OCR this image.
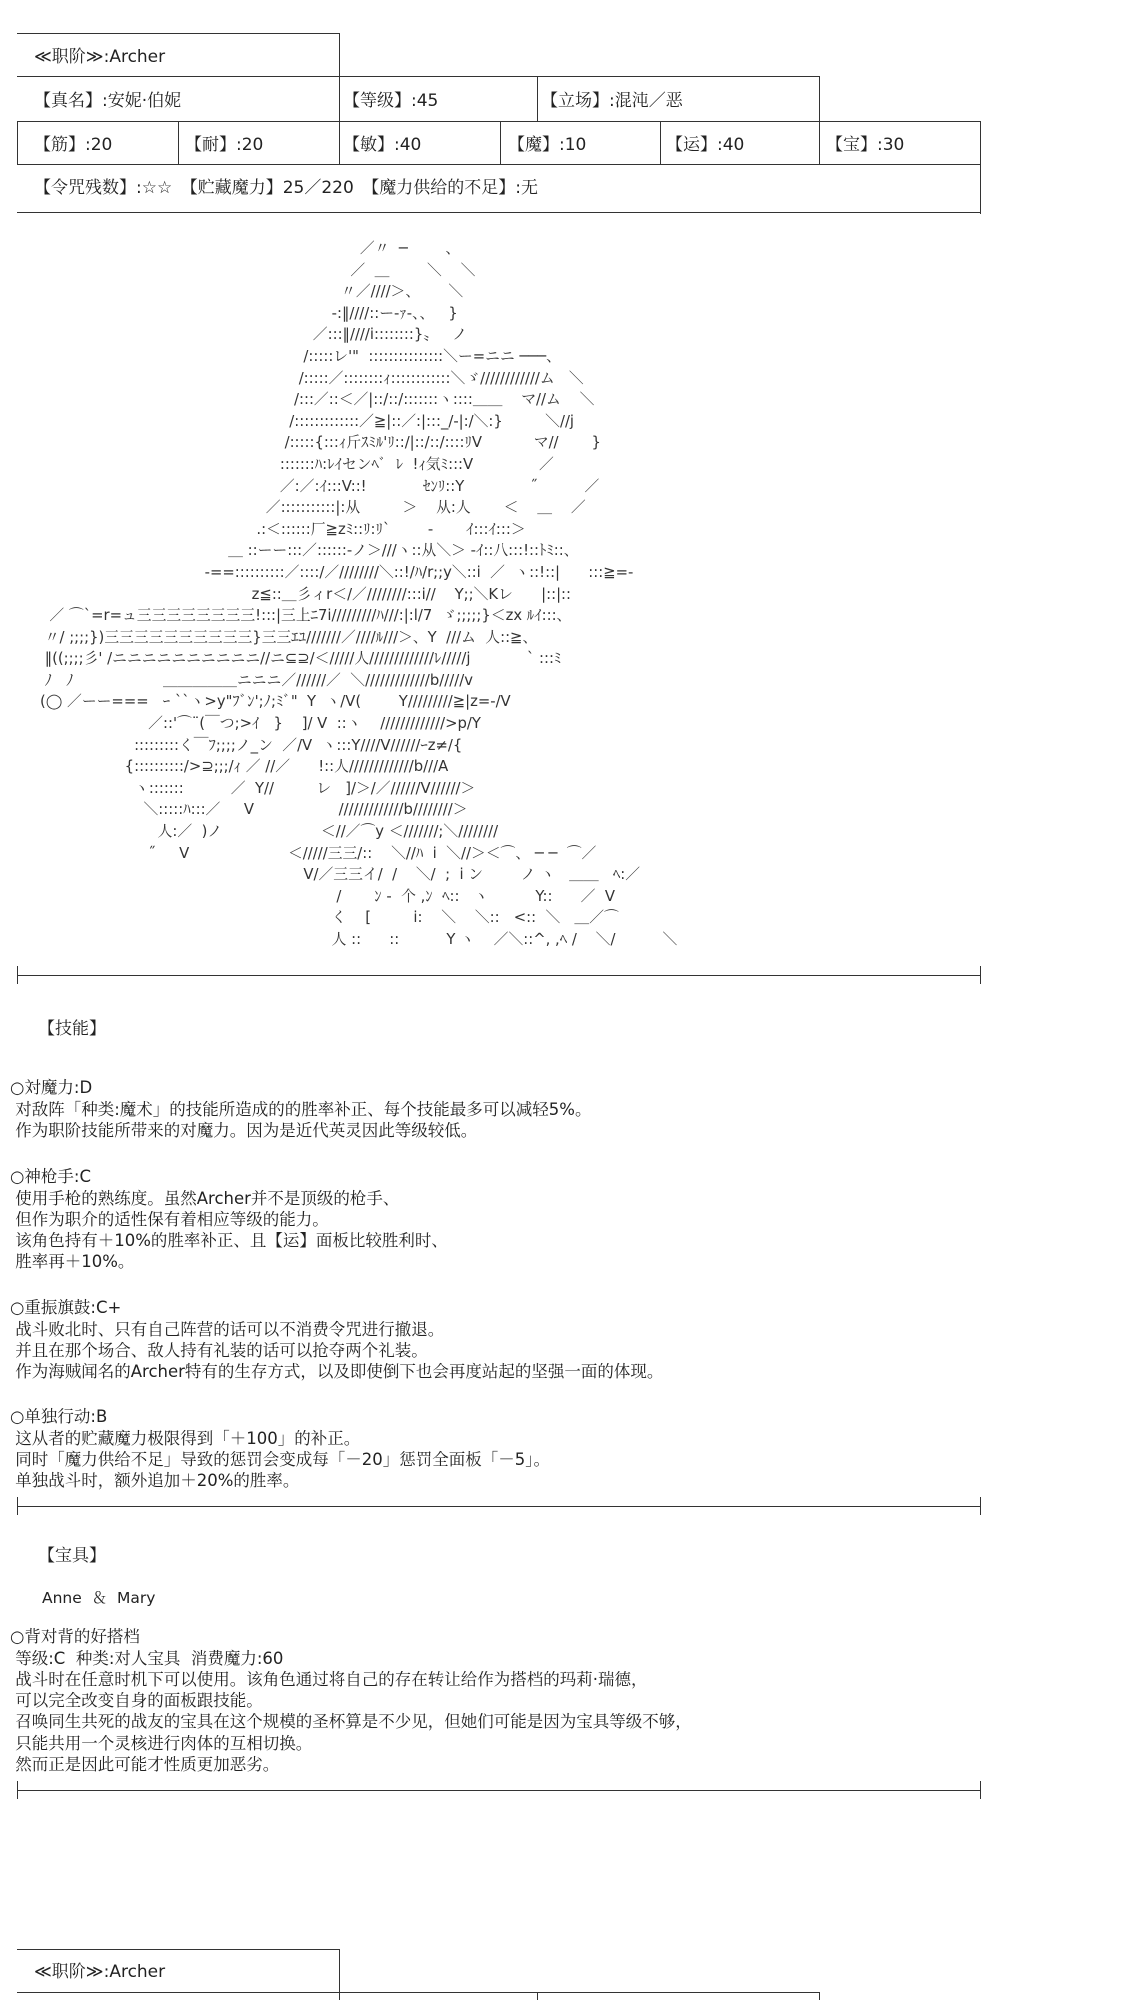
≪职阶≫:Archer
【真名】:安妮·伯妮	【等级】:45	【立场】:混沌／恶
【筋】:20	【耐】:20	【敏】:40	【魔】:10	【运】:40	【宝】:30
【令咒残数】:☆☆　【贮藏魔力】25／220　【魔力供给的不足】:无
／〃  ─        、
／  ＿        ＼    ＼
〃／////＞、      ＼
-:‖////::ー-ｧ-、、   }
／:::‖////i::::::::}〟   ノ
/:::::レ'"  :::::::::::::::＼ー=ニニ ───、
/:::::／::::::::ｨ::::::::::::＼ゞ////////////ム   ＼
/:::／::＜／|::/::/:::::::ヽ::::＿＿    マ//ム    ＼
/:::::::::::::／≧|::／:|:::_/-|:/＼:}         ＼//j
/:::::{:::ｨ斤ｽﾐﾙ'ﾘ::/|::/::/::::ﾘV           マ//       }
:::::::ﾊ:ﾚｲセンﾍﾞ  ﾚ  !ｨ気ﾐ:::V              ／
／:／:ｲ:::V::!            ｾﾝﾘ::Y              ˝          ／
／:::::::::::|:从         ＞    从:人       ＜    ＿    ／
.:＜::::::厂≧zﾐ::ﾘ:ﾘ`        -       ｲ:::ｲ:::＞
＿ ::ーー:::／::::::-ノ＞///ヽ::从＼＞ ‐ｲ::八:::!::ﾄﾐ::、
-==::::::::::／::::/／////////＼::!/ﾊ/r;;y＼::i  ／  ヽ::!::|      :::≧=-
z≦::＿彡ィr＜/／////////:::i//    Y;;＼Kレ      |::|::
／ ⌒`=r=ュ三三三三三三三三!:::|三上ﾆ7i/////////ﾊ///:|:l/7  ゞ;;;;;}＜zx ﾙｲ:::、
〃/ ;;;;})三三三三三三三三三三}三三ｴﾕ///////／////ﾙ///＞、Y  ///ム  人::≧、
‖((;;;;彡' /ニニニニニニニニニニ//ニ⊆⊇/＜/////人/////////////ﾚ/////j            ` :::ﾐ
ﾉ   ﾉ                   ＿＿＿＿＿ニニニ／//////／  ＼/////////////b/////v
(◯ ／ーー===   ｰ ``ヽ>y"ﾌﾞﾝ';ﾉ;ﾐﾞ"  Y  ヽ/V(        Y/////////≧|z=-/V
／::'⌒¨(￣つ;>ｲ   }    ]/ V  ::ヽ    /////////////>p/Y
:::::::::く￣ﾌ;;;;ノ_ン  ／/V  ヽ:::Y////V//////ｰz≠/{
{::::::::::/>⊇;;;/ｨ ／ //／      !::人/////////////b///A
ヽ:::::::          ／  Y//         レ   ]/＞/／//////V//////＞
＼:::::ﾊ:::／     V                  /////////////b////////＞
人:／  )ノ                     ＜//／⌒y ＜///////;＼////////
˝     V                     ＜/////三三/::    ＼//ﾊ  i  ＼//＞＜⌒、 ─ ─  ⌒／
V/／三三イ/  /    ＼/  ;  i ン        ノ ヽ   ＿＿   ﾍ:／
/       ﾝ -  个 ,ﾝ  ﾍ::   ヽ          Y::      ／  V
く    [         i:    ＼    ＼::   <::  ＼   ＿／⌒
人 ::      ::          Y ヽ    ／＼::^, ,ﾍ /    ＼/          ＼
【技能】

○対魔力:D
对敌阵「种类:魔术」的技能所造成的的胜率补正、每个技能最多可以减轻5%。
作为职阶技能所带来的对魔力。因为是近代英灵因此等级较低。

○神枪手:C
使用手枪的熟练度。虽然Archer并不是顶级的枪手、
但作为职介的适性保有着相应等级的能力。
该角色持有＋10%的胜率补正、且【运】面板比较胜利时、
胜率再＋10%。

○重振旗鼓:C+
战斗败北时、只有自己阵营的话可以不消费令咒进行撤退。
并且在那个场合、敌人持有礼装的话可以抢夺两个礼装。
作为海贼闻名的Archer特有的生存方式，以及即使倒下也会再度站起的坚强一面的体现。

○单独行动:B
这从者的贮藏魔力极限得到「＋100」的补正。
同时「魔力供给不足」导致的惩罚会变成每「－20」惩罚全面板「－5」。
单独战斗时，额外追加＋20%的胜率。
【宝具】
Anne  ＆  Mary

○背对背的好搭档
等级:C  种类:对人宝具  消费魔力:60
战斗时在任意时机下可以使用。该角色通过将自己的存在转让给作为搭档的玛莉·瑞德，
可以完全改变自身的面板跟技能。
召唤同生共死的战友的宝具在这个规模的圣杯算是不少见，但她们可能是因为宝具等级不够，
只能共用一个灵核进行肉体的互相切换。
然而正是因此可能才性质更加恶劣。
≪职阶≫:Archer
